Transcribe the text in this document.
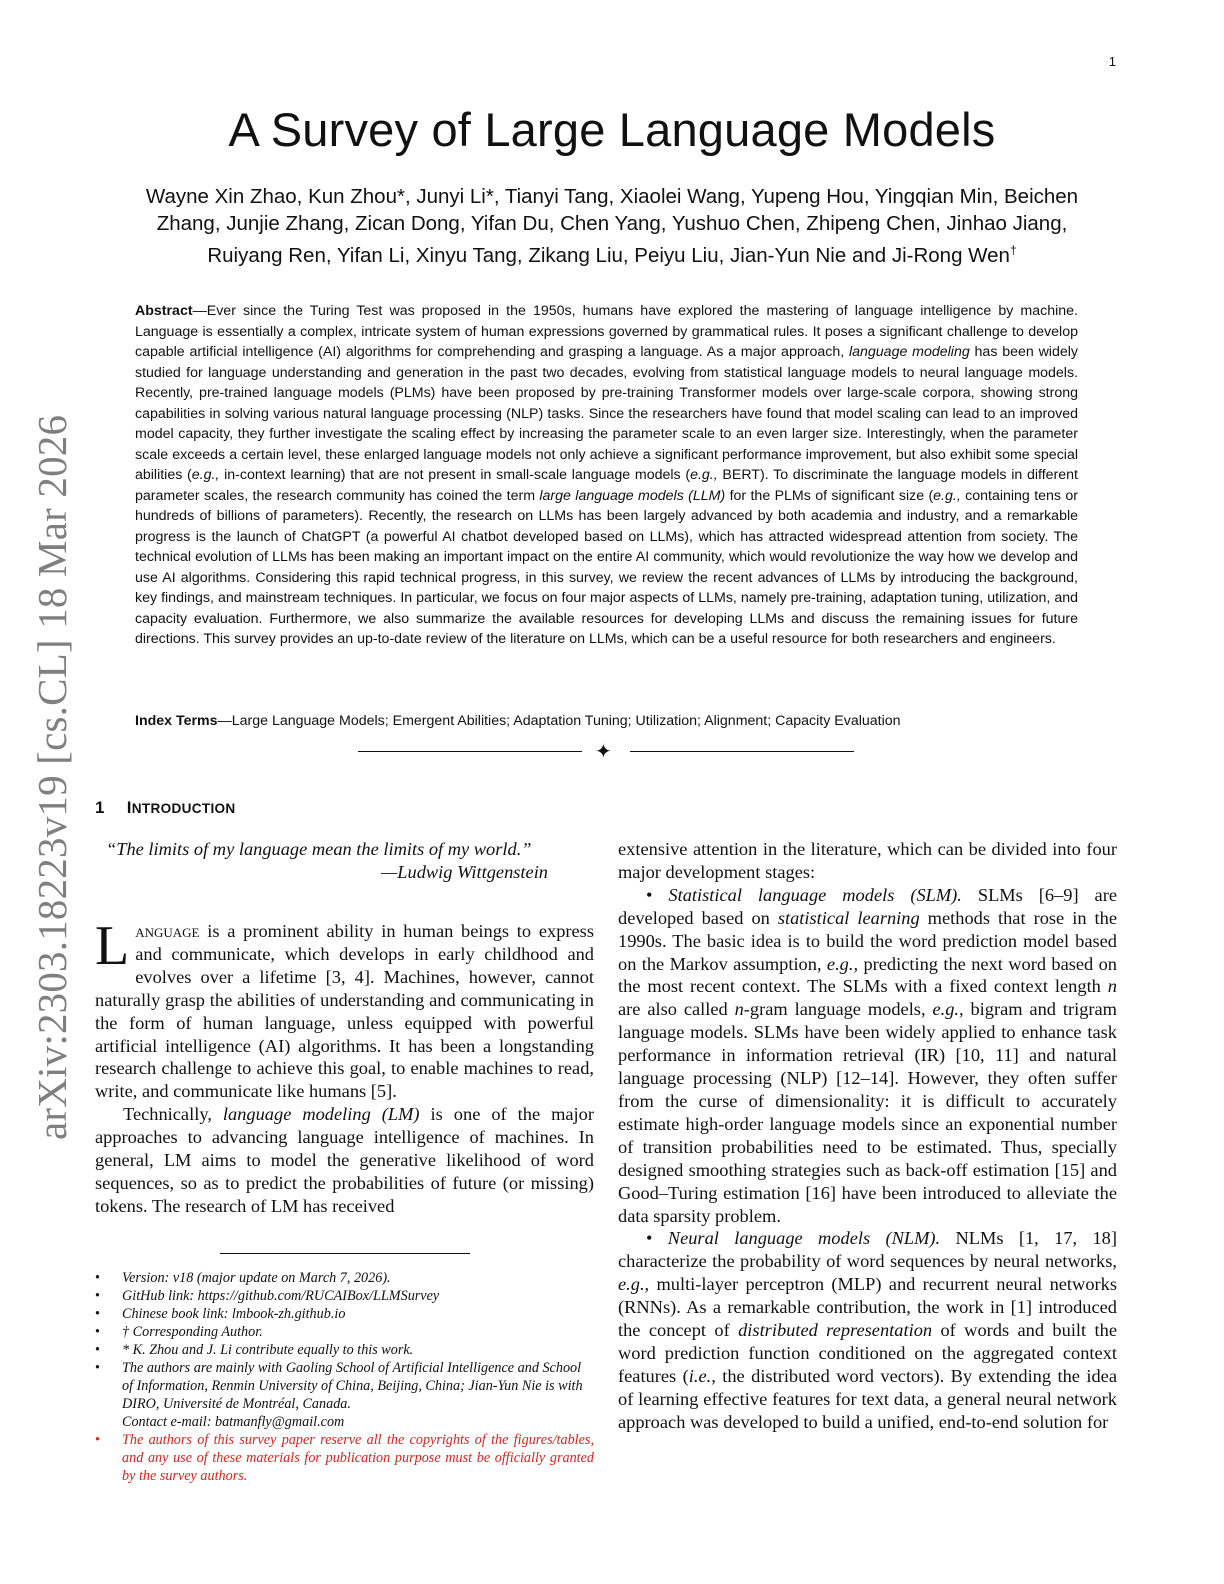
1
A Survey of Large Language Models
Wayne Xin Zhao, Kun Zhou*, Junyi Li*, Tianyi Tang, Xiaolei Wang, Yupeng Hou, Yingqian Min, Beichen
Zhang, Junjie Zhang, Zican Dong, Yifan Du, Chen Yang, Yushuo Chen, Zhipeng Chen, Jinhao Jiang,
Ruiyang Ren, Yifan Li, Xinyu Tang, Zikang Liu, Peiyu Liu, Jian-Yun Nie and Ji-Rong Wen†

Abstract—Ever since the Turing Test was proposed in the 1950s, humans have explored the mastering of language intelligence by machine. Language is essentially a complex, intricate system of human expressions governed by grammatical rules. It poses a significant challenge to develop capable artificial intelligence (AI) algorithms for comprehending and grasping a language. As a major approach, language modeling has been widely studied for language understanding and generation in the past two decades, evolving from statistical language models to neural language models. Recently, pre-trained language models (PLMs) have been proposed by pre-training Transformer models over large-scale corpora, showing strong capabilities in solving various natural language processing (NLP) tasks. Since the researchers have found that model scaling can lead to an improved model capacity, they further investigate the scaling effect by increasing the parameter scale to an even larger size. Interestingly, when the parameter scale exceeds a certain level, these enlarged language models not only achieve a significant performance improvement, but also exhibit some special abilities (e.g., in-context learning) that are not present in small-scale language models (e.g., BERT). To discriminate the language models in different parameter scales, the research community has coined the term large language models (LLM) for the PLMs of significant size (e.g., containing tens or hundreds of billions of parameters). Recently, the research on LLMs has been largely advanced by both academia and industry, and a remarkable progress is the launch of ChatGPT (a powerful AI chatbot developed based on LLMs), which has attracted widespread attention from society. The technical evolution of LLMs has been making an important impact on the entire AI community, which would revolutionize the way how we develop and use AI algorithms. Considering this rapid technical progress, in this survey, we review the recent advances of LLMs by introducing the background, key findings, and mainstream techniques. In particular, we focus on four major aspects of LLMs, namely pre-training, adaptation tuning, utilization, and capacity evaluation. Furthermore, we also summarize the available resources for developing LLMs and discuss the remaining issues for future directions. This survey provides an up-to-date review of the literature on LLMs, which can be a useful resource for both researchers and engineers.

Index Terms—Large Language Models; Emergent Abilities; Adaptation Tuning; Utilization; Alignment; Capacity Evaluation

✦
1 INTRODUCTION
“The limits of my language mean the limits of my world.”
—Ludwig Wittgenstein

Language is a prominent ability in human beings to express and communicate, which develops in early childhood and evolves over a lifetime [3, 4]. Machines, however, cannot naturally grasp the abilities of understanding and communicating in the form of human language, unless equipped with powerful artificial intelligence (AI) algorithms. It has been a longstanding research challenge to achieve this goal, to enable machines to read, write, and communicate like humans [5].

Technically, language modeling (LM) is one of the major approaches to advancing language intelligence of machines. In general, LM aims to model the generative likelihood of word sequences, so as to predict the probabilities of future (or missing) tokens. The research of LM has received

• Version: v18 (major update on March 7, 2026).
• GitHub link: https://github.com/RUCAIBox/LLMSurvey
• Chinese book link: lmbook-zh.github.io
• † Corresponding Author.
• * K. Zhou and J. Li contribute equally to this work.
• The authors are mainly with Gaoling School of Artificial Intelligence and School of Information, Renmin University of China, Beijing, China; Jian-Yun Nie is with DIRO, Université de Montréal, Canada.
Contact e-mail: batmanfly@gmail.com
• The authors of this survey paper reserve all the copyrights of the figures/tables, and any use of these materials for publication purpose must be officially granted by the survey authors.

extensive attention in the literature, which can be divided into four major development stages:

• Statistical language models (SLM). SLMs [6–9] are developed based on statistical learning methods that rose in the 1990s. The basic idea is to build the word prediction model based on the Markov assumption, e.g., predicting the next word based on the most recent context. The SLMs with a fixed context length n are also called n-gram language models, e.g., bigram and trigram language models. SLMs have been widely applied to enhance task performance in information retrieval (IR) [10, 11] and natural language processing (NLP) [12–14]. However, they often suffer from the curse of dimensionality: it is difficult to accurately estimate high-order language models since an exponential number of transition probabilities need to be estimated. Thus, specially designed smoothing strategies such as back-off estimation [15] and Good–Turing estimation [16] have been introduced to alleviate the data sparsity problem.

• Neural language models (NLM). NLMs [1, 17, 18] characterize the probability of word sequences by neural networks, e.g., multi-layer perceptron (MLP) and recurrent neural networks (RNNs). As a remarkable contribution, the work in [1] introduced the concept of distributed representation of words and built the word prediction function conditioned on the aggregated context features (i.e., the distributed word vectors). By extending the idea of learning effective features for text data, a general neural network approach was developed to build a unified, end-to-end solution for

arXiv:2303.18223v19 [cs.CL] 18 Mar 2026
